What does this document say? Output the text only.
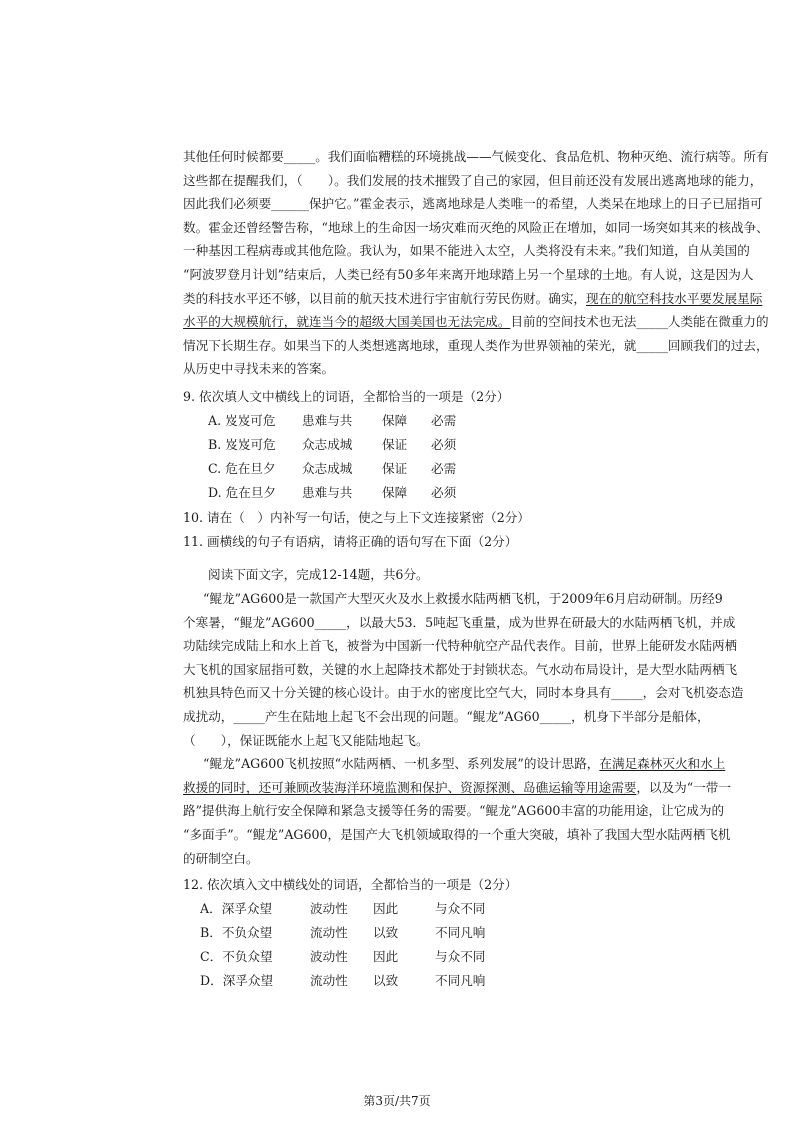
其他任何时候都要_____。我们面临糟糕的环境挑战——气候变化、食品危机、物种灭绝、流行病等。所有
这些都在提醒我们，（　　）。我们发展的技术摧毁了自己的家园，但目前还没有发展出逃离地球的能力，
因此我们必须要______保护它。”霍金表示，逃离地球是人类唯一的希望，人类呆在地球上的日子已屈指可
数。霍金还曾经警告称，“地球上的生命因一场灾难而灭绝的风险正在增加，如同一场突如其来的核战争、
一种基因工程病毒或其他危险。我认为，如果不能进入太空，人类将没有未来。”我们知道，自从美国的
“阿波罗登月计划”结束后，人类已经有50多年来离开地球踏上另一个星球的土地。有人说，这是因为人
类的科技水平还不够，以目前的航天技术进行宇宙航行劳民伤财。确实，现在的航空科技水平要发展星际
水平的大规模航行，就连当今的超级大国美国也无法完成。目前的空间技术也无法_____人类能在微重力的
情况下长期生存。如果当下的人类想逃离地球，重现人类作为世界领袖的荣光，就_____回顾我们的过去，
从历史中寻找未来的答案。
9. 依次填人文中横线上的词语，全都恰当的一项是（2分）
A. 岌岌可危 患难与共 保障 必需
B. 岌岌可危 众志成城 保证 必须
C. 危在旦夕 众志成城 保证 必需
D. 危在旦夕 患难与共 保障 必须
10. 请在（　）内补写一句话，使之与上下文连接紧密（2分）
11. 画横线的句子有语病，请将正确的语句写在下面（2分）
阅读下面文字，完成12-14题，共6分。
“鲲龙”AG600是一款国产大型灭火及水上救援水陆两栖飞机，于2009年6月启动研制。历经9
个寒暑，“鲲龙”AG600_____，以最大53．5吨起飞重量，成为世界在研最大的水陆两栖飞机，并成
功陆续完成陆上和水上首飞，被誉为中国新一代特种航空产品代表作。目前，世界上能研发水陆两栖
大飞机的国家屈指可数，关键的水上起降技术都处于封锁状态。气水动布局设计，是大型水陆两栖飞
机独具特色而又十分关键的核心设计。由于水的密度比空气大，同时本身具有_____，会对飞机姿态造
成扰动，_____产生在陆地上起飞不会出现的问题。“鲲龙”AG60_____，机身下半部分是船体，
（　　），保证既能水上起飞又能陆地起飞。
“鲲龙”AG600飞机按照“水陆两栖、一机多型、系列发展”的设计思路，在满足森林灭火和水上
救援的同时，还可兼顾改装海洋环境监测和保护、资源探测、岛礁运输等用途需要，以及为“一带一
路”提供海上航行安全保障和紧急支援等任务的需要。“鲲龙”AG600丰富的功能用途，让它成为的
“多面手”。“鲲龙”AG600，是国产大飞机领域取得的一个重大突破，填补了我国大型水陆两栖飞机
的研制空白。
12. 依次填入文中横线处的词语，全都恰当的一项是（2分）
A．深孚众望	波动性 因此	与众不同
B．不负众望	流动性 以致	不同凡响
C．不负众望	波动性 因此	与众不同
D．深孚众望	流动性 以致	不同凡响
第3页/共7页
